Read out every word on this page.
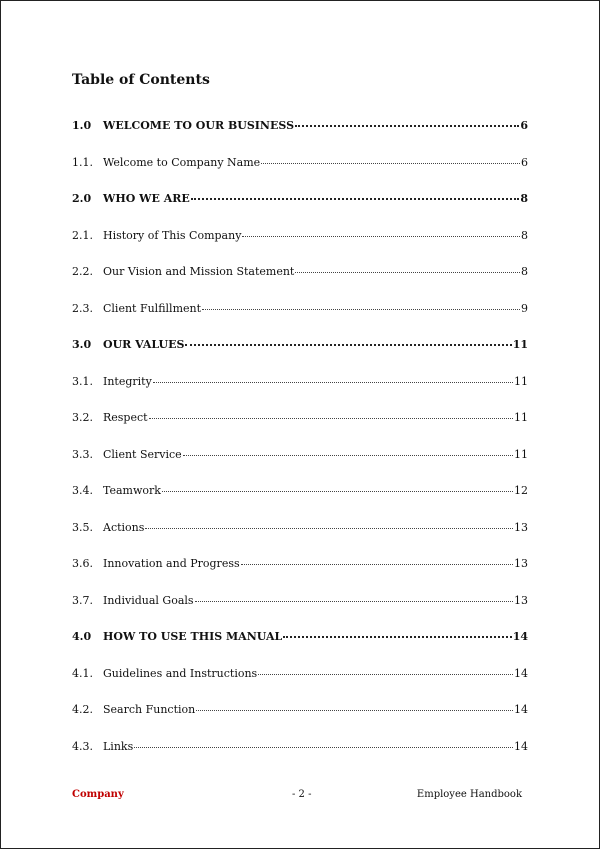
Table of Contents
1.0	WELCOME TO OUR BUSINESS	6
1.1. Welcome to Company Name	6
2.0	WHO WE ARE	8
2.1. History of This Company	8
2.2. Our Vision and Mission Statement	8
2.3. Client Fulfillment	9
3.0	OUR VALUES	11
3.1. Integrity	11
3.2. Respect	11
3.3. Client Service	11
3.4. Teamwork	12
3.5. Actions	13
3.6. Innovation and Progress	13
3.7. Individual Goals	13
4.0	HOW TO USE THIS MANUAL	14
4.1. Guidelines and Instructions	14
4.2. Search Function	14
4.3. Links	14
Company	- 2 -	Employee Handbook
